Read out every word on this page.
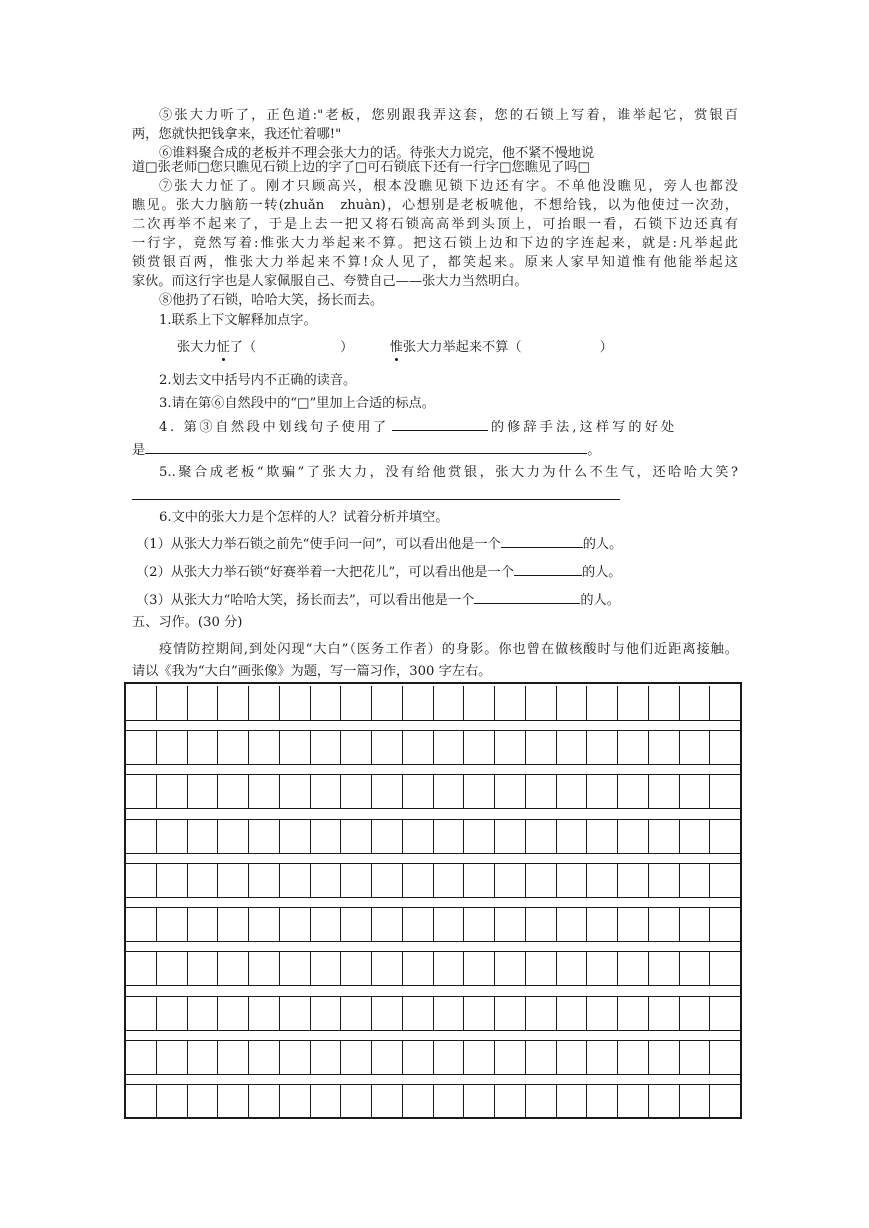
⑤张大力听了，正色道:"老板，您别跟我弄这套，您的石锁上写着，谁举起它，赏银百
两，您就快把钱拿来，我还忙着哪!"
⑥谁料聚合成的老板并不理会张大力的话。待张大力说完，他不紧不慢地说
道□张老师□您只瞧见石锁上边的字了□可石锁底下还有一行字□您瞧见了吗□
⑦张大力怔了。刚才只顾高兴，根本没瞧见锁下边还有字。不单他没瞧见，旁人也都没
瞧见。张大力脑筋一转(zhuǎn　zhuàn)，心想别是老板唬他，不想给钱，以为他使过一次劲，
二次再举不起来了，于是上去一把又将石锁高高举到头顶上，可抬眼一看，石锁下边还真有
一行字，竟然写着:惟张大力举起来不算。把这石锁上边和下边的字连起来，就是:凡举起此
锁赏银百两，惟张大力举起来不算!众人见了，都笑起来。原来人家早知道惟有他能举起这
家伙。而这行字也是人家佩服自己、夸赞自己——张大力当然明白。
⑧他扔了石锁，哈哈大笑，扬长而去。
1.联系上下文解释加点字。
张大力怔了（	）	惟张大力举起来不算（	）
2.划去文中括号内不正确的读音。
3.请在第⑥自然段中的“□”里加上合适的标点。
4. 第③自然段中划线句子使用了	的修辞手法,这样写的好处
是	。
5..聚合成老板“欺骗”了张大力，没有给他赏银，张大力为什么不生气，还哈哈大笑?
6.文中的张大力是个怎样的人？试着分析并填空。
（1）从张大力举石锁之前先“使手问一问”，可以看出他是一个	的人。
（2）从张大力举石锁“好赛举着一大把花儿”，可以看出他是一个	的人。
（3）从张大力“哈哈大笑，扬长而去”，可以看出他是一个	的人。
五、习作。(30 分)
疫情防控期间,到处闪现“大白”（医务工作者）的身影。你也曾在做核酸时与他们近距离接触。
请以《我为“大白”画张像》为题，写一篇习作，300 字左右。
